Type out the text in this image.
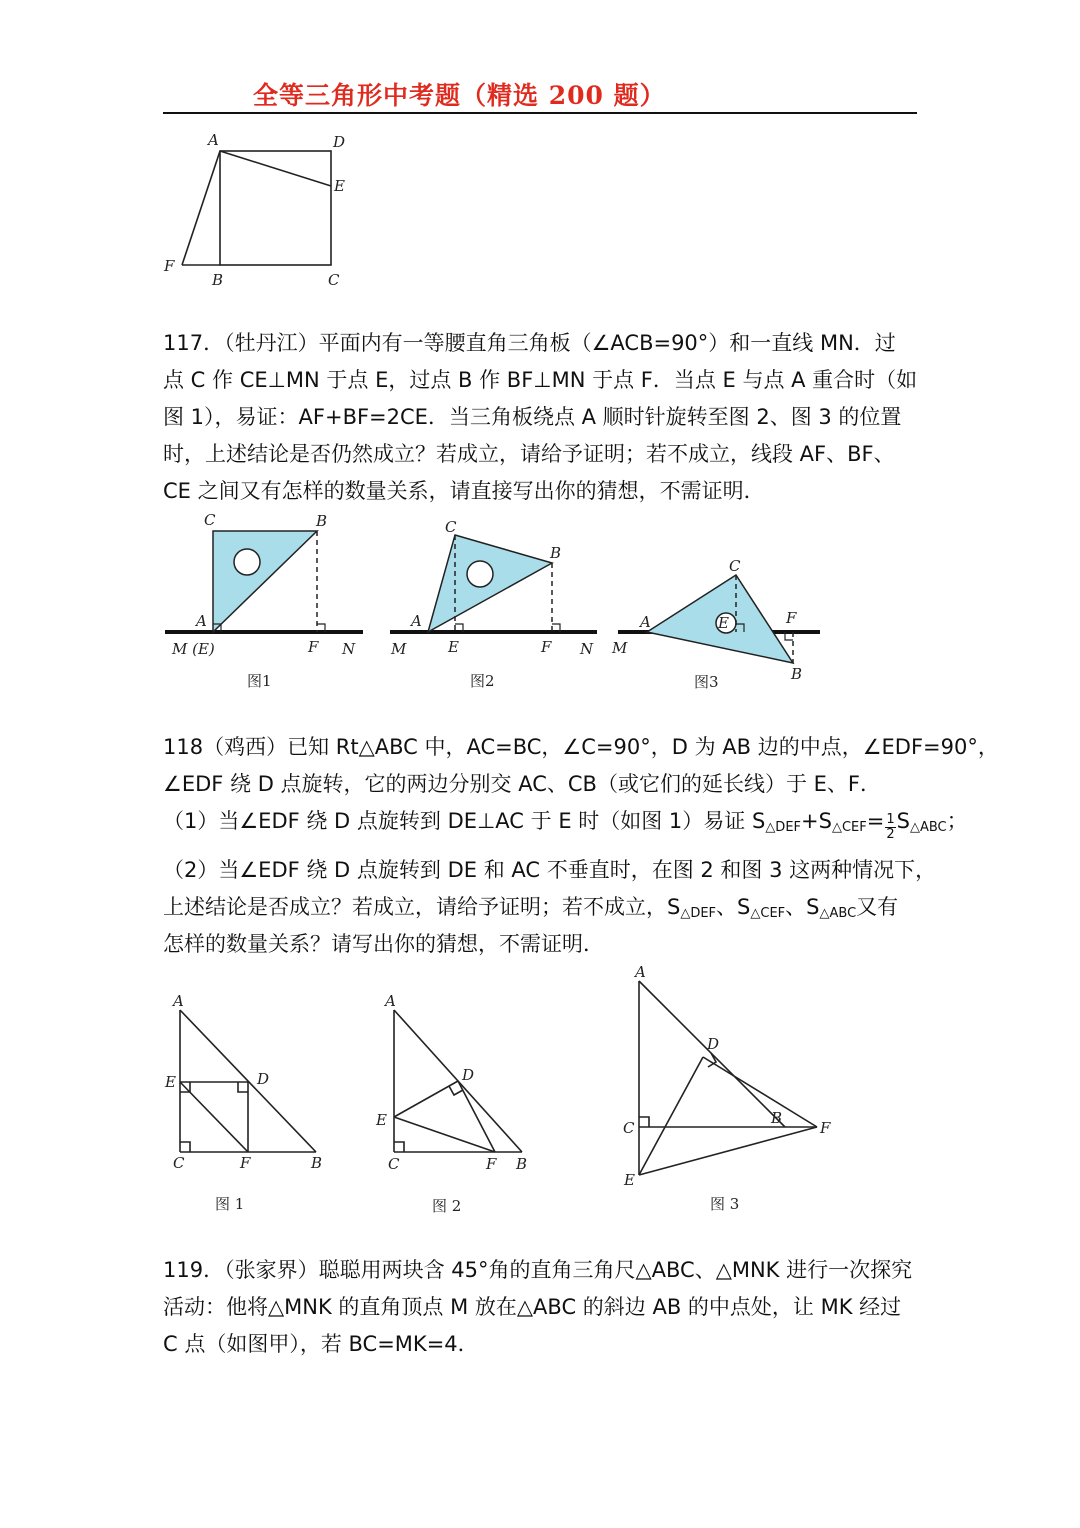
全等三角形中考题（精选 200 题）
A	D
E
F
B	C
117．（牡丹江）平面内有一等腰直角三角板（∠ACB=90°）和一直线 MN．过
点 C 作 CE⊥MN 于点 E，过点 B 作 BF⊥MN 于点 F．当点 E 与点 A 重合时（如
图 1），易证：AF+BF=2CE．当三角板绕点 A 顺时针旋转至图 2、图 3 的位置
时，上述结论是否仍然成立？若成立，请给予证明；若不成立，线段 AF、BF、
CE 之间又有怎样的数量关系，请直接写出你的猜想，不需证明．
C	B
A
M (E)	F N
图1
C
B
A
M	E	F N
图2
C
A	E	F
M
B
图3
118（鸡西）已知 Rt△ABC 中，AC=BC，∠C=90°，D 为 AB 边的中点，∠EDF=90°，
∠EDF 绕 D 点旋转，它的两边分别交 AC、CB（或它们的延长线）于 E、F．
（1）当∠EDF 绕 D 点旋转到 DE⊥AC 于 E 时（如图 1）易证 $S_{\triangle DEF}+S_{\triangle CEF}= \frac{1}{2} S_{\triangle ABC}$；
（2）当∠EDF 绕 D 点旋转到 DE 和 AC 不垂直时，在图 2 和图 3 这两种情况下，
上述结论是否成立？若成立，请给予证明；若不成立，$S_{\triangle DEF}$、$S_{\triangle CEF}$、$S_{\triangle ABC}$又有
怎样的数量关系？请写出你的猜想，不需证明．
A
E	D
C	F	B
图 1
A
D
E
C	F B
图 2
A
D
C
B
F
E
图 3
119．（张家界）聪聪用两块含 45°角的直角三角尺△ABC、△MNK 进行一次探究
活动：他将△MNK 的直角顶点 M 放在△ABC 的斜边 AB 的中点处，让 MK 经过
C 点（如图甲），若 BC=MK=4．
